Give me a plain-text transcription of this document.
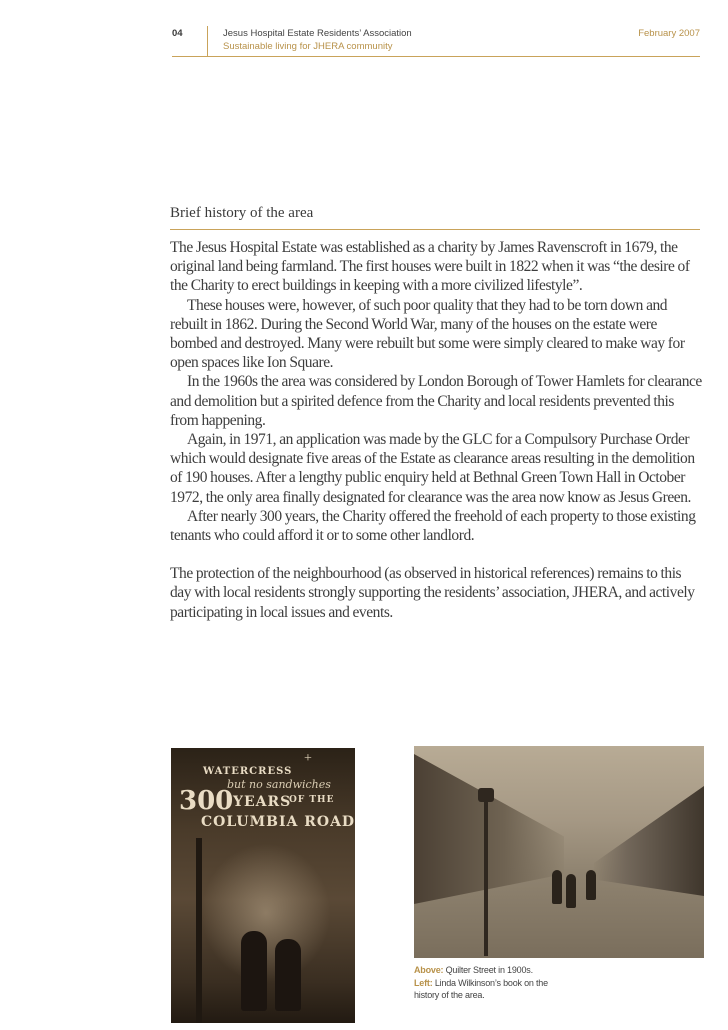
04	Jesus Hospital Estate Residents’ Association
Sustainable living for JHERA community
February 2007
Brief history of the area

The Jesus Hospital Estate was established as a charity by James Ravenscroft in 1679, the original land being farmland. The first houses were built in 1822 when it was “the desire of the Charity to erect buildings in keeping with a more civilized lifestyle”.

These houses were, however, of such poor quality that they had to be torn down and rebuilt in 1862. During the Second World War, many of the houses on the estate were bombed and destroyed. Many were rebuilt but some were simply cleared to make way for open spaces like Ion Square.

In the 1960s the area was considered by London Borough of Tower Hamlets for clearance and demolition but a spirited defence from the Charity and local residents prevented this from happening.

Again, in 1971, an application was made by the GLC for a Compulsory Purchase Order which would designate five areas of the Estate as clearance areas resulting in the demolition of 190 houses. After a lengthy public enquiry held at Bethnal Green Town Hall in October 1972, the only area finally designated for clearance was the area now know as Jesus Green.

After nearly 300 years, the Charity offered the freehold of each property to those existing tenants who could afford it or to some other landlord.

The protection of the neighbourhood (as observed in historical references) remains to this day with local residents strongly supporting the residents’ association, JHERA, and actively participating in local issues and events.

+
WATERCRESS
but no sandwiches
300 YEARS
OF THE
COLUMBIA ROAD
Above: Quilter Street in 1900s.
Left: Linda Wilkinson’s book on the history of the area.
